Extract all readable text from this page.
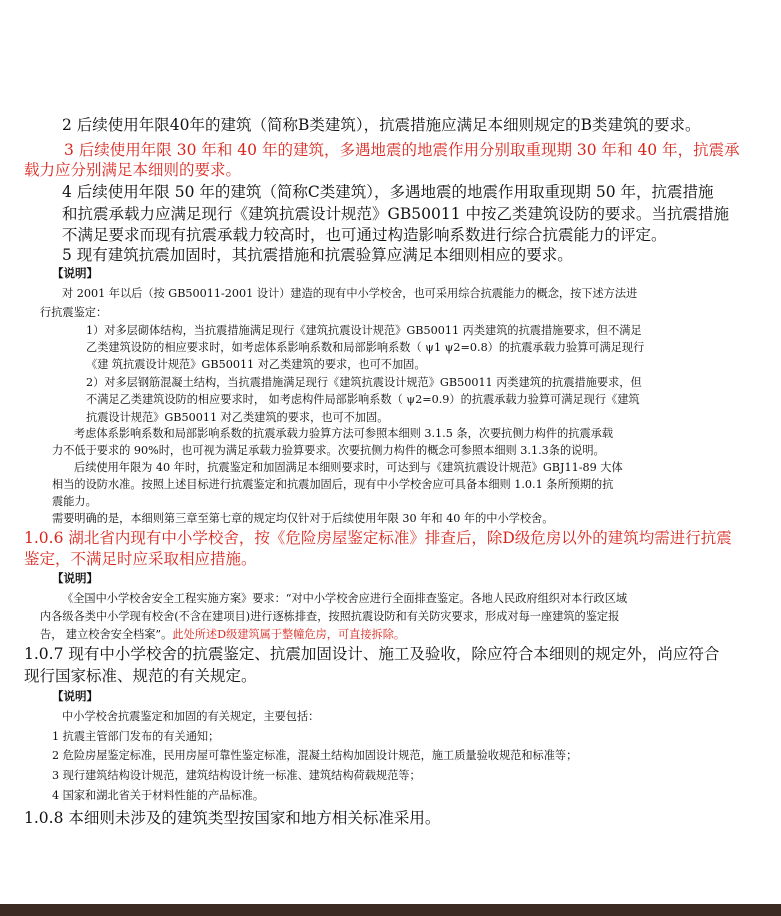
2 后续使用年限40年的建筑（简称B类建筑），抗震措施应满足本细则规定的B类建筑的要求。
3 后续使用年限 30 年和 40 年的建筑，多遇地震的地震作用分别取重现期 30 年和 40 年，抗震承
载力应分别满足本细则的要求。
4 后续使用年限 50 年的建筑（简称C类建筑），多遇地震的地震作用取重现期 50 年，抗震措施
和抗震承载力应满足现行《建筑抗震设计规范》GB50011 中按乙类建筑设防的要求。当抗震措施
不满足要求而现有抗震承载力较高时，也可通过构造影响系数进行综合抗震能力的评定。
5 现有建筑抗震加固时，其抗震措施和抗震验算应满足本细则相应的要求。
【说明】
对 2001 年以后（按 GB50011-2001 设计）建造的现有中小学校舍，也可采用综合抗震能力的概念，按下述方法进
行抗震鉴定：
1）对多层砌体结构，当抗震措施满足现行《建筑抗震设计规范》GB50011 丙类建筑的抗震措施要求，但不满足
乙类建筑设防的相应要求时，如考虑体系影响系数和局部影响系数（ ψ1 ψ2=0.8）的抗震承载力验算可满足现行
《建 筑抗震设计规范》GB50011 对乙类建筑的要求，也可不加固。
2）对多层钢筋混凝土结构，当抗震措施满足现行《建筑抗震设计规范》GB50011 丙类建筑的抗震措施要求，但
不满足乙类建筑设防的相应要求时， 如考虑构件局部影响系数（ ψ2=0.9）的抗震承载力验算可满足现行《建筑
抗震设计规范》GB50011 对乙类建筑的要求，也可不加固。
考虑体系影响系数和局部影响系数的抗震承载力验算方法可参照本细则 3.1.5 条，次要抗侧力构件的抗震承载
力不低于要求的 90%时，也可视为满足承载力验算要求。次要抗侧力构件的概念可参照本细则 3.1.3条的说明。
后续使用年限为 40 年时，抗震鉴定和加固满足本细则要求时，可达到与《建筑抗震设计规范》GBJ11-89 大体
相当的设防水准。按照上述目标进行抗震鉴定和抗震加固后，现有中小学校舍应可具备本细则 1.0.1 条所预期的抗
震能力。
需要明确的是，本细则第三章至第七章的规定均仅针对于后续使用年限 30 年和 40 年的中小学校舍。
1.0.6 湖北省内现有中小学校舍，按《危险房屋鉴定标准》排查后，除D级危房以外的建筑均需进行抗震
鉴定，不满足时应采取相应措施。
【说明】
《全国中小学校舍安全工程实施方案》要求：“对中小学校舍应进行全面排查鉴定。各地人民政府组织对本行政区域
内各级各类中小学现有校舍(不含在建项目)进行逐栋排查，按照抗震设防和有关防灾要求，形成对每一座建筑的鉴定报
告， 建立校舍安全档案”。此处所述D级建筑属于整幢危房，可直接拆除。
1.0.7 现有中小学校舍的抗震鉴定、抗震加固设计、施工及验收，除应符合本细则的规定外，尚应符合
现行国家标准、规范的有关规定。
【说明】
中小学校舍抗震鉴定和加固的有关规定，主要包括：
1 抗震主管部门发布的有关通知；
2 危险房屋鉴定标准，民用房屋可靠性鉴定标准，混凝土结构加固设计规范，施工质量验收规范和标准等；
3 现行建筑结构设计规范，建筑结构设计统一标准、建筑结构荷载规范等；
4 国家和湖北省关于材料性能的产品标准。
1.0.8 本细则未涉及的建筑类型按国家和地方相关标准采用。
